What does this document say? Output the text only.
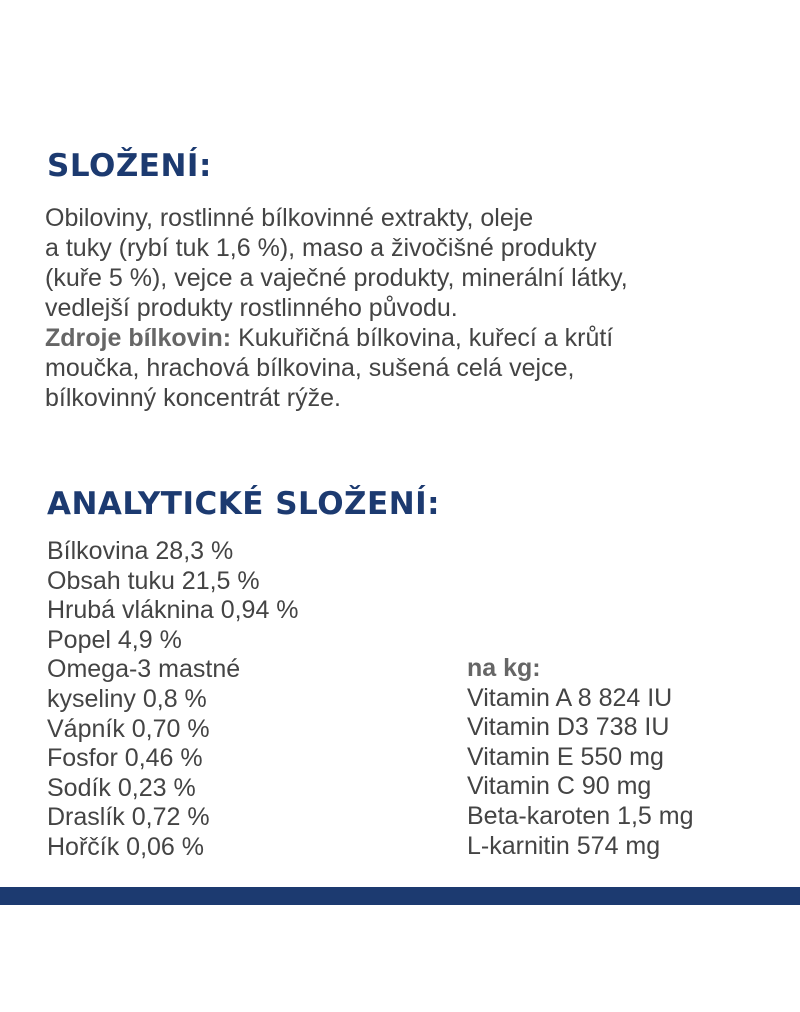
SLOŽENÍ:

Obiloviny, rostlinné bílkovinné extrakty, oleje
a tuky (rybí tuk 1,6 %), maso a živočišné produkty
(kuře 5 %), vejce a vaječné produkty, minerální látky,
vedlejší produkty rostlinného původu.
Zdroje bílkovin: Kukuřičná bílkovina, kuřecí a krůtí
moučka, hrachová bílkovina, sušená celá vejce,
bílkovinný koncentrát rýže.

ANALYTICKÉ SLOŽENÍ:
Bílkovina 28,3 %
Obsah tuku 21,5 %
Hrubá vláknina 0,94 %
Popel 4,9 %
Omega-3 mastné
kyseliny 0,8 %
Vápník 0,70 %
Fosfor 0,46 %
Sodík 0,23 %
Draslík 0,72 %
Hořčík 0,06 %
na kg:
Vitamin A 8 824 IU
Vitamin D3 738 IU
Vitamin E 550 mg
Vitamin C 90 mg
Beta-karoten 1,5 mg
L-karnitin 574 mg
